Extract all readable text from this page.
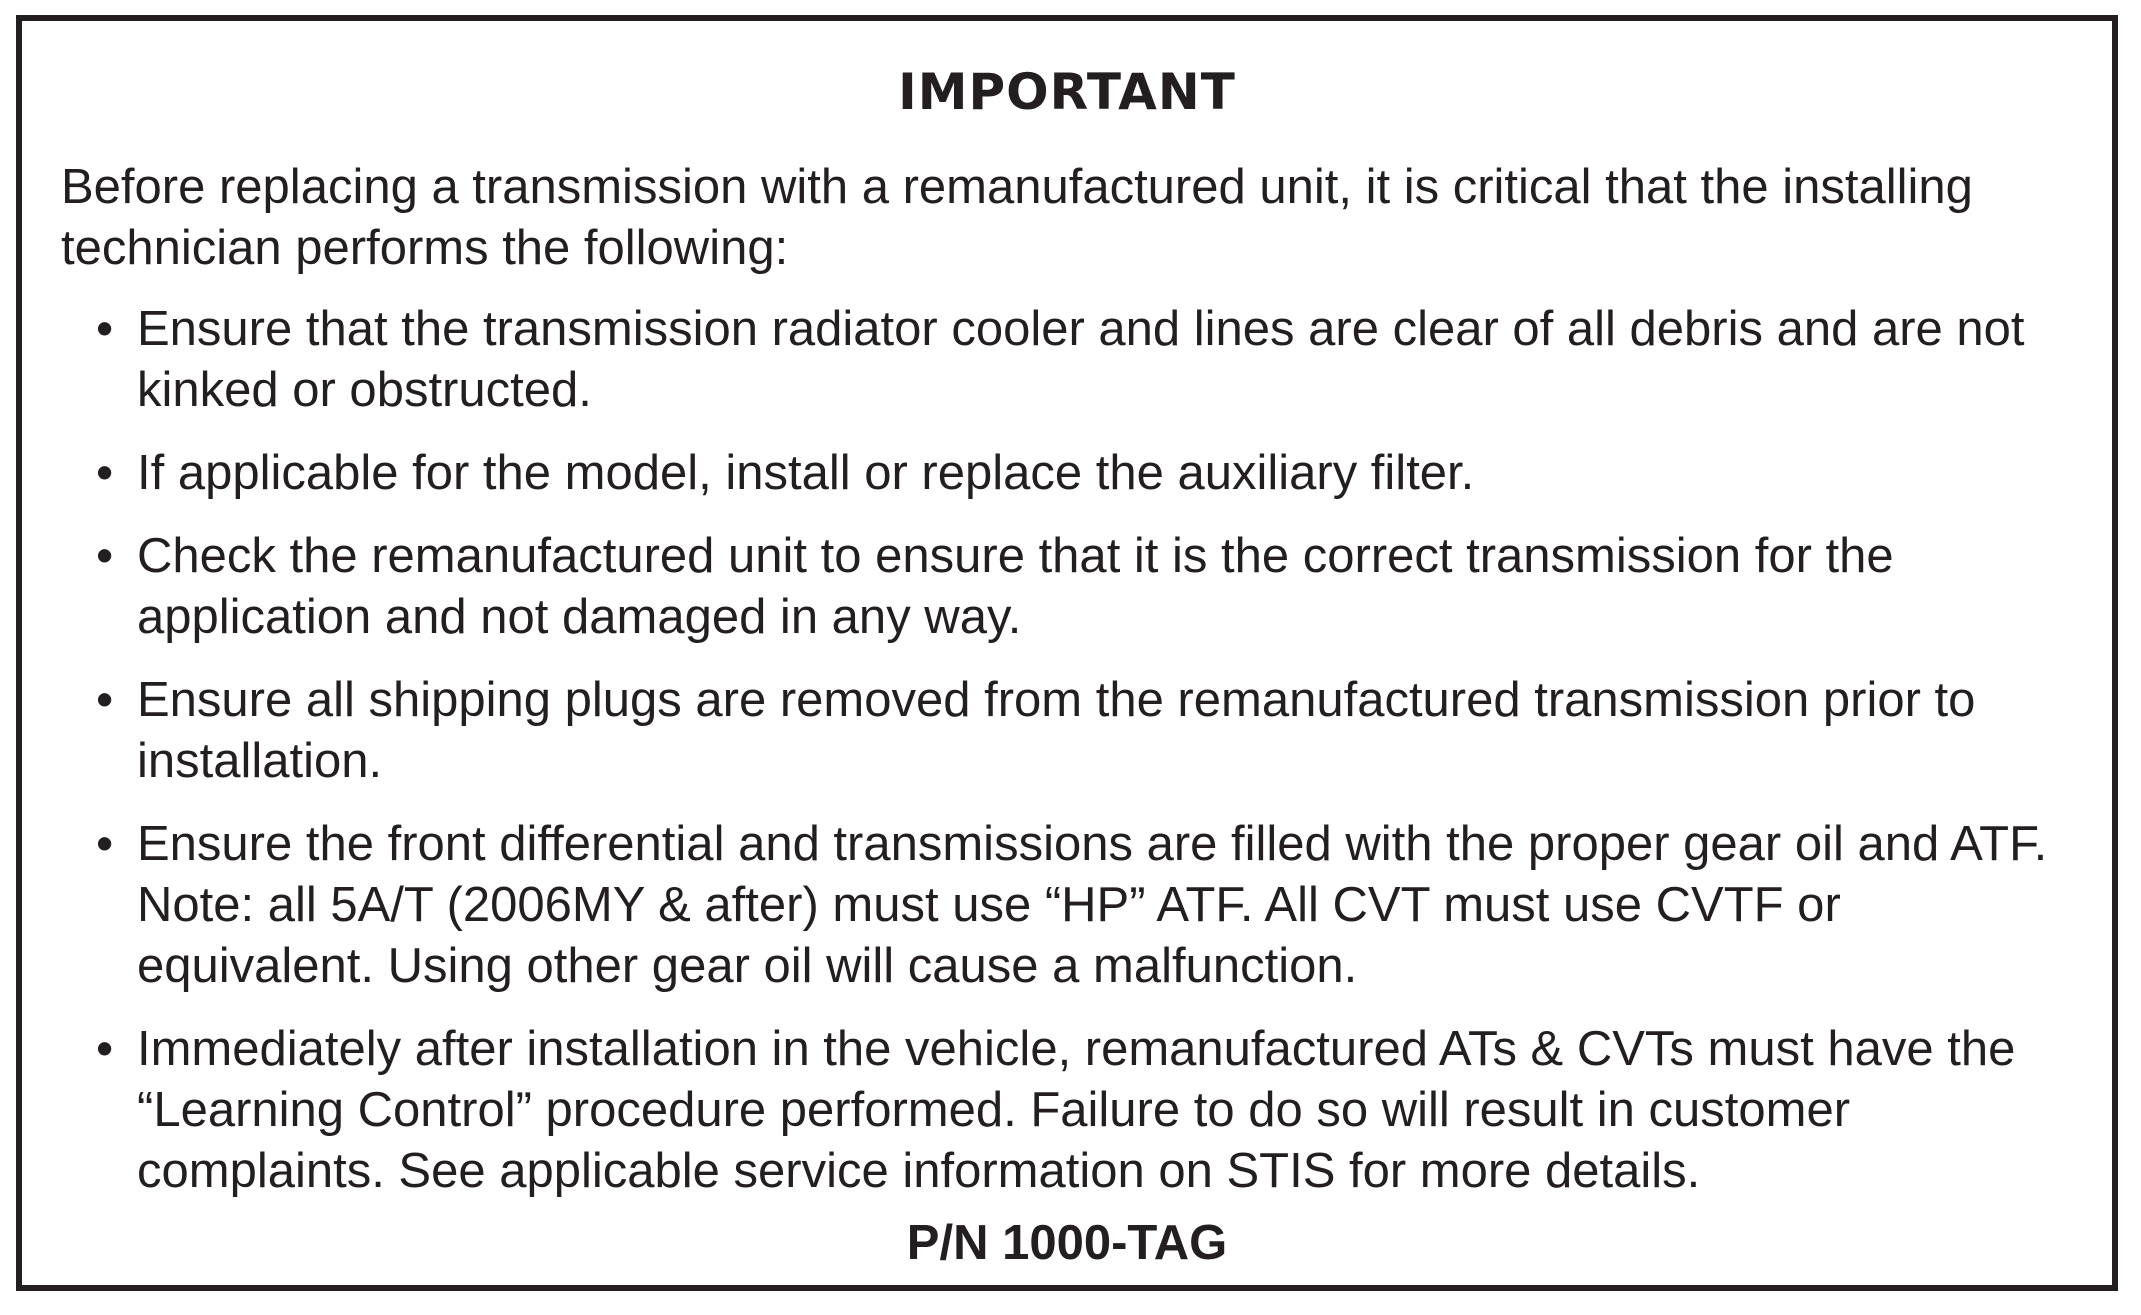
IMPORTANT

Before replacing a transmission with a remanufactured unit, it is critical that the installing technician performs the following:

• Ensure that the transmission radiator cooler and lines are clear of all debris and are not kinked or obstructed.
• If applicable for the model, install or replace the auxiliary filter.
• Check the remanufactured unit to ensure that it is the correct transmission for the application and not damaged in any way.
• Ensure all shipping plugs are removed from the remanufactured transmission prior to installation.
• Ensure the front differential and transmissions are filled with the proper gear oil and ATF. Note: all 5A/T (2006MY & after) must use “HP” ATF. All CVT must use CVTF or equivalent. Using other gear oil will cause a malfunction.
• Immediately after installation in the vehicle, remanufactured ATs & CVTs must have the “Learning Control” procedure performed. Failure to do so will result in customer complaints. See applicable service information on STIS for more details.
P/N 1000-TAG
